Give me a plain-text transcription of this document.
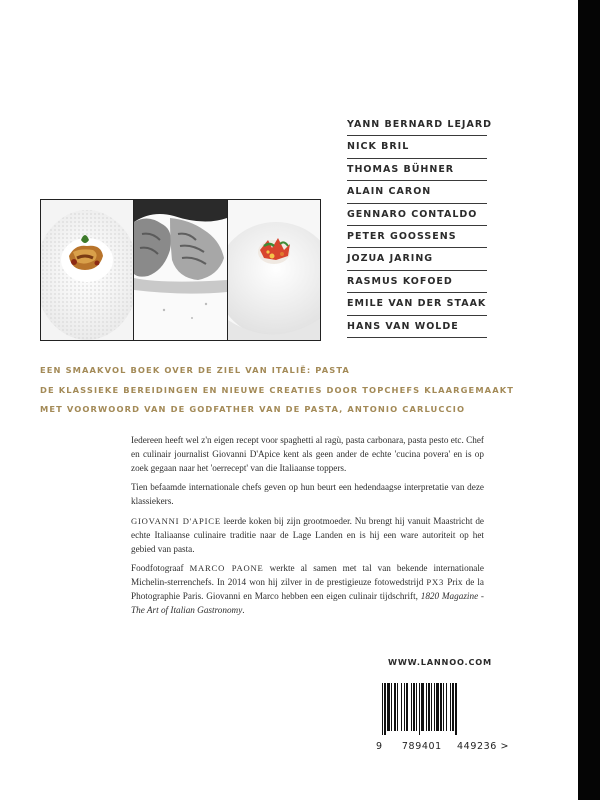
YANN BERNARD LEJARD
NICK BRIL
THOMAS BÜHNER
ALAIN CARON
GENNARO CONTALDO
PETER GOOSSENS
JOZUA JARING
RASMUS KOFOED
EMILE VAN DER STAAK
HANS VAN WOLDE
EEN SMAAKVOL BOEK OVER DE ZIEL VAN ITALIË: PASTA
DE KLASSIEKE BEREIDINGEN EN NIEUWE CREATIES DOOR TOPCHEFS KLAARGEMAAKT
MET VOORWOORD VAN DE GODFATHER VAN DE PASTA, ANTONIO CARLUCCIO

Iedereen heeft wel z'n eigen recept voor spaghetti al ragù, pasta carbonara, pasta pesto etc. Chef en culinair journalist Giovanni D'Apice kent als geen ander de echte 'cucina povera' en is op zoek gegaan naar het 'oerrecept' van die Italiaanse toppers.

Tien befaamde internationale chefs geven op hun beurt een hedendaagse interpretatie van deze klassiekers.

GIOVANNI D'APICE leerde koken bij zijn grootmoeder. Nu brengt hij vanuit Maastricht de echte Italiaanse culinaire traditie naar de Lage Landen en is hij een ware autoriteit op het gebied van pasta.

Foodfotograaf MARCO PAONE werkte al samen met tal van bekende internationale Michelin-sterrenchefs. In 2014 won hij zilver in de prestigieuze fotowedstrijd PX3 Prix de la Photographie Paris. Giovanni en Marco hebben een eigen culinair tijdschrift, 1820 Magazine - The Art of Italian Gastronomy.

WWW.LANNOO.COM
9 789401 449236 >
